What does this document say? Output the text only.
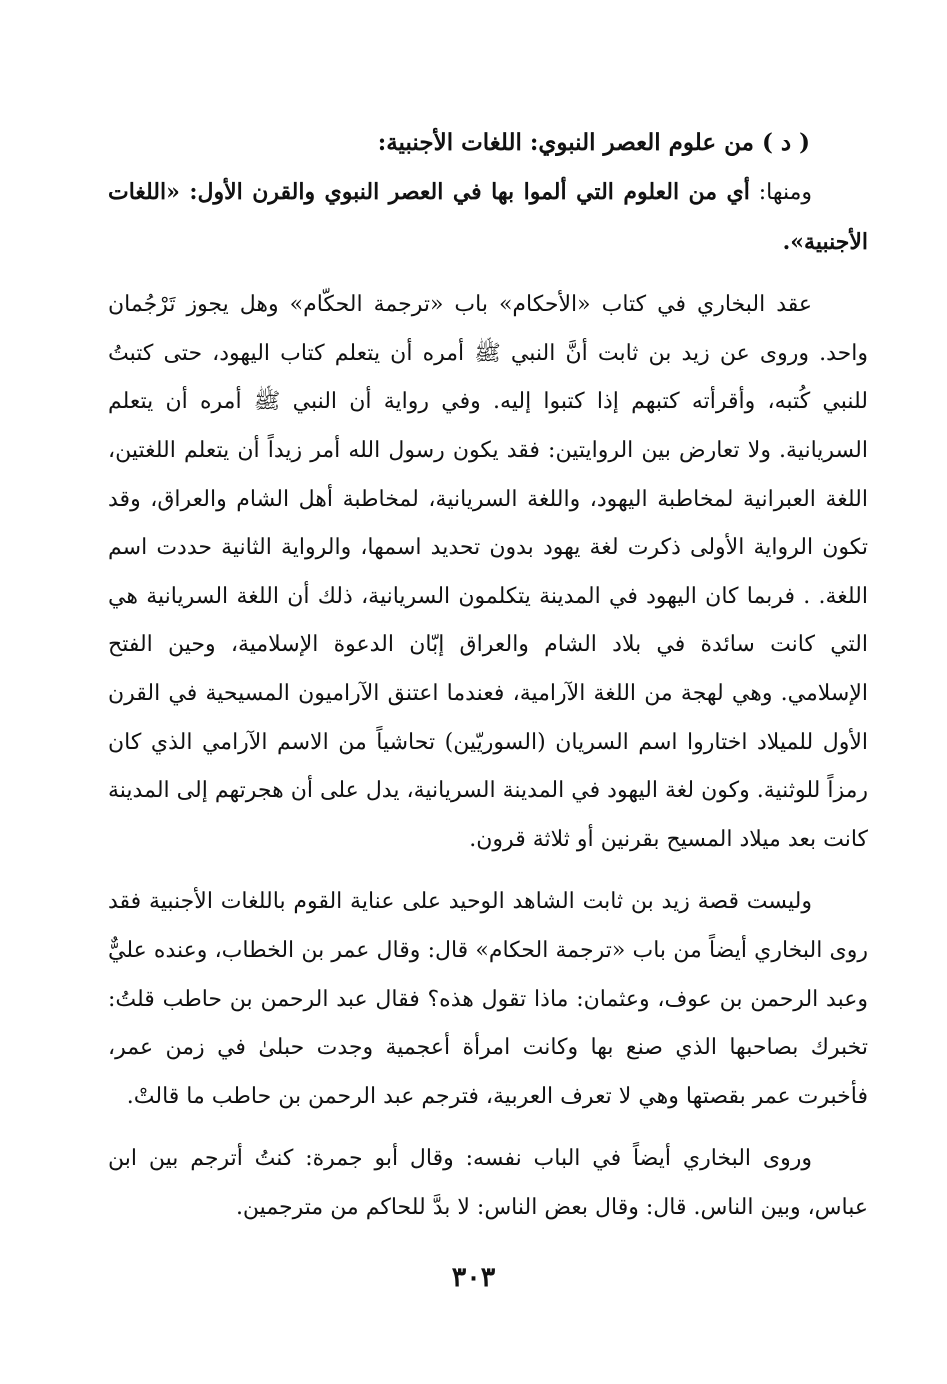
( د ) من علوم العصر النبوي: اللغات الأجنبية:

ومنها: أي من العلوم التي ألموا بها في العصر النبوي والقرن الأول: «اللغات الأجنبية».

عقد البخاري في كتاب «الأحكام» باب «ترجمة الحكّام» وهل يجوز تَرْجُمان واحد. وروى عن زيد بن ثابت أنَّ النبي ﷺ أمره أن يتعلم كتاب اليهود، حتى كتبتُ للنبي كُتبه، وأقرأته كتبهم إذا كتبوا إليه. وفي رواية أن النبي ﷺ أمره أن يتعلم السريانية. ولا تعارض بين الروايتين: فقد يكون رسول الله أمر زيداً أن يتعلم اللغتين، اللغة العبرانية لمخاطبة اليهود، واللغة السريانية، لمخاطبة أهل الشام والعراق، وقد تكون الرواية الأولى ذكرت لغة يهود بدون تحديد اسمها، والرواية الثانية حددت اسم اللغة. . فربما كان اليهود في المدينة يتكلمون السريانية، ذلك أن اللغة السريانية هي التي كانت سائدة في بلاد الشام والعراق إبّان الدعوة الإسلامية، وحين الفتح الإسلامي. وهي لهجة من اللغة الآرامية، فعندما اعتنق الآراميون المسيحية في القرن الأول للميلاد اختاروا اسم السريان (السوريّين) تحاشياً من الاسم الآرامي الذي كان رمزاً للوثنية. وكون لغة اليهود في المدينة السريانية، يدل على أن هجرتهم إلى المدينة كانت بعد ميلاد المسيح بقرنين أو ثلاثة قرون.

وليست قصة زيد بن ثابت الشاهد الوحيد على عناية القوم باللغات الأجنبية فقد روى البخاري أيضاً من باب «ترجمة الحكام» قال: وقال عمر بن الخطاب، وعنده عليٌّ وعبد الرحمن بن عوف، وعثمان: ماذا تقول هذه؟ فقال عبد الرحمن بن حاطب قلتُ: تخبرك بصاحبها الذي صنع بها وكانت امرأة أعجمية وجدت حبلىٰ في زمن عمر، فأخبرت عمر بقصتها وهي لا تعرف العربية، فترجم عبد الرحمن بن حاطب ما قالتْ.

وروى البخاري أيضاً في الباب نفسه: وقال أبو جمرة: كنتُ أترجم بين ابن عباس، وبين الناس. قال: وقال بعض الناس: لا بدَّ للحاكم من مترجمين.

٣٠٣
